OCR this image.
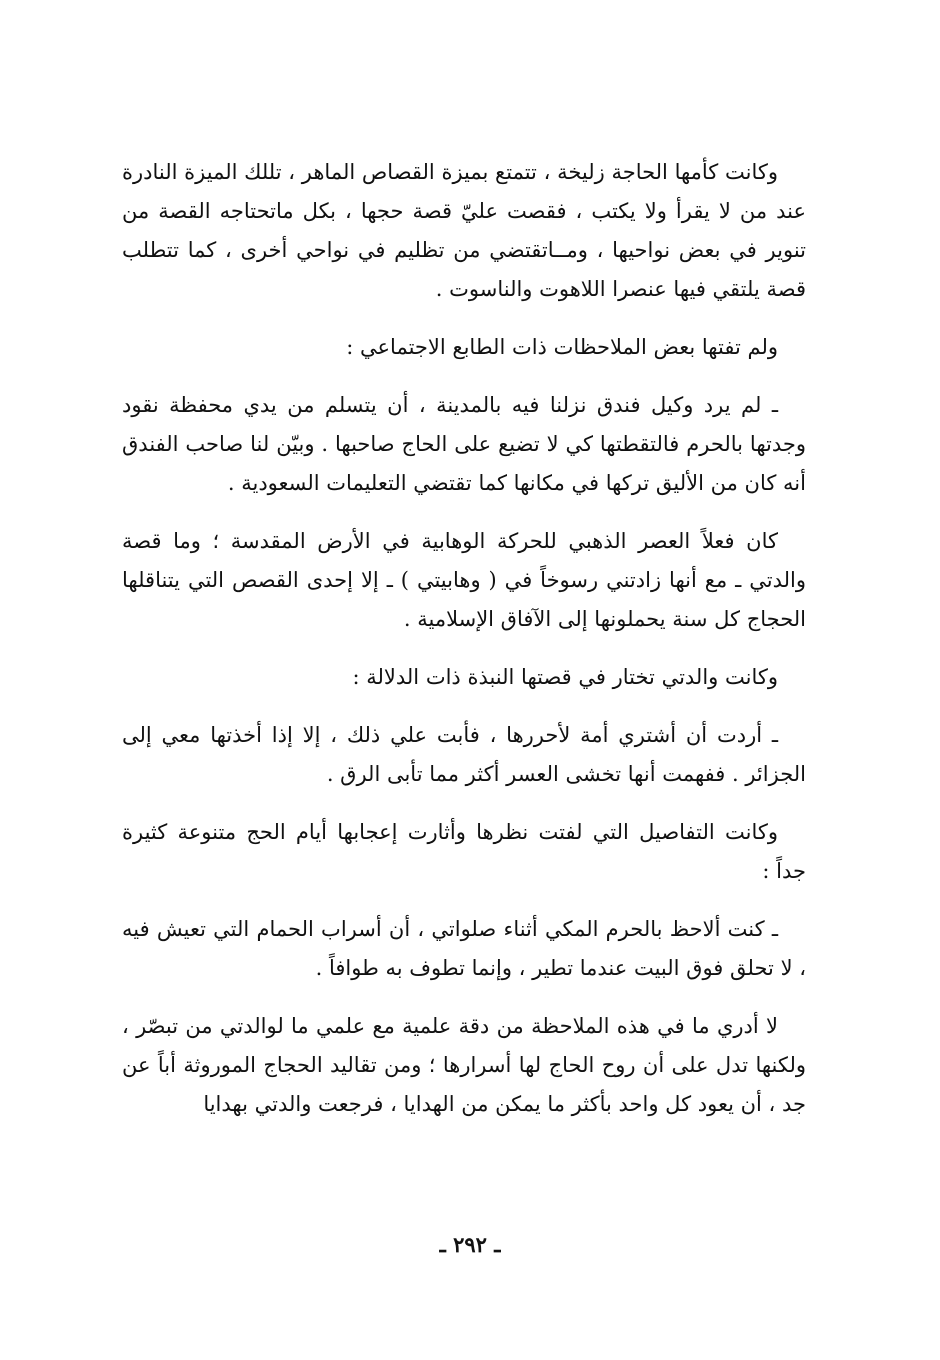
وكانت كأمها الحاجة زليخة ، تتمتع بميزة القصاص الماهر ، تللك الميزة النادرة عند من لا يقرأ ولا يكتب ، فقصت عليّ قصة حجها ، بكل ماتحتاجه القصة من تنوير في بعض نواحيها ، ومــاتقتضي من تظليم في نواحي أخرى ، كما تتطلب قصة يلتقي فيها عنصرا اللاهوت والناسوت .

ولم تفتها بعض الملاحظات ذات الطابع الاجتماعي :

ـ لم يرد وكيل فندق نزلنا فيه بالمدينة ، أن يتسلم من يدي محفظة نقود وجدتها بالحرم فالتقطتها كي لا تضيع على الحاج صاحبها . وبيّن لنا صاحب الفندق أنه كان من الأليق تركها في مكانها كما تقتضي التعليمات السعودية .

كان فعلاً العصر الذهبي للحركة الوهابية في الأرض المقدسة ؛ وما قصة والدتي ـ مع أنها زادتني رسوخاً في ( وهابيتي ) ـ إلا إحدى القصص التي يتناقلها الحجاج كل سنة يحملونها إلى الآفاق الإسلامية .

وكانت والدتي تختار في قصتها النبذة ذات الدلالة :

ـ أردت أن أشتري أمة لأحررها ، فأبت علي ذلك ، إلا إذا أخذتها معي إلى الجزائر . ففهمت أنها تخشى العسر أكثر مما تأبى الرق .

وكانت التفاصيل التي لفتت نظرها وأثارت إعجابها أيام الحج متنوعة كثيرة جداً :

ـ كنت ألاحظ بالحرم المكي أثناء صلواتي ، أن أسراب الحمام التي تعيش فيه ، لا تحلق فوق البيت عندما تطير ، وإنما تطوف به طوافاً .

لا أدري ما في هذه الملاحظة من دقة علمية مع علمي ما لوالدتي من تبصّر ، ولكنها تدل على أن روح الحاج لها أسرارها ؛ ومن تقاليد الحجاج الموروثة أباً عن جد ، أن يعود كل واحد بأكثر ما يمكن من الهدايا ، فرجعت والدتي بهدايا

ـ ٢٩٢ ـ
